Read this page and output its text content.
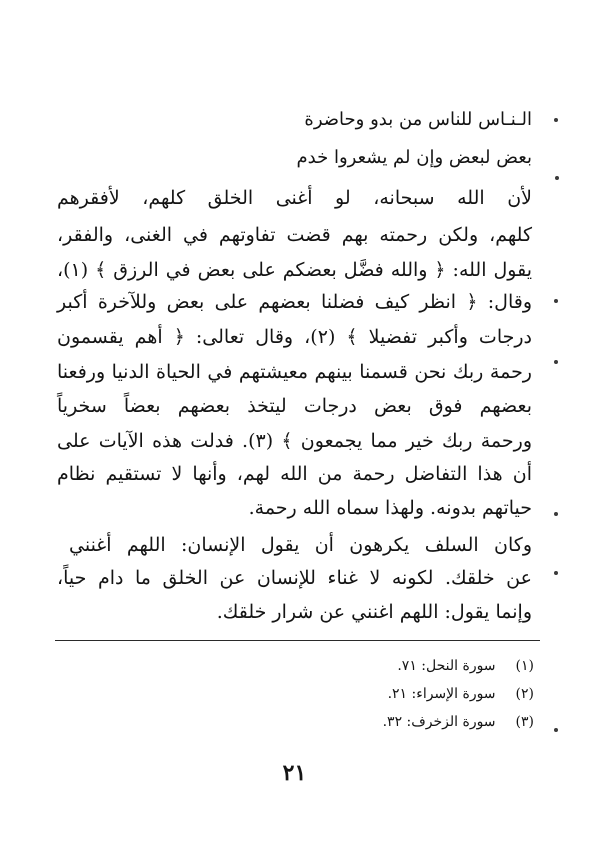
الـنـاس للناس من بدو وحاضرة
بعض لبعض وإن لم يشعروا خدم
لأن الله سبحانه، لو أغنى الخلق كلهم، لأفقرهم
كلهم، ولكن رحمته بهم قضت تفاوتهم في الغنى، والفقر،
يقول الله: ﴿ والله فضَّل بعضكم على بعض في الرزق ﴾ (١)،
وقال: ﴿ انظر كيف فضلنا بعضهم على بعض وللآخرة أكبر
درجات وأكبر تفضيلا ﴾ (٢)، وقال تعالى: ﴿ أهم يقسمون
رحمة ربك نحن قسمنا بينهم معيشتهم في الحياة الدنيا ورفعنا
بعضهم فوق بعض درجات ليتخذ بعضهم بعضاً سخرياً
ورحمة ربك خير مما يجمعون ﴾ (٣). فدلت هذه الآيات على
أن هذا التفاضل رحمة من الله لهم، وأنها لا تستقيم نظام
حياتهم بدونه. ولهذا سماه الله رحمة.
وكان السلف يكرهون أن يقول الإنسان: اللهم أغنني
عن خلقك. لكونه لا غناء للإنسان عن الخلق ما دام حياً،
وإنما يقول: اللهم اغنني عن شرار خلقك.
(١) سورة النحل: ٧١.
(٢) سورة الإسراء: ٢١.
(٣) سورة الزخرف: ٣٢.
٢١
